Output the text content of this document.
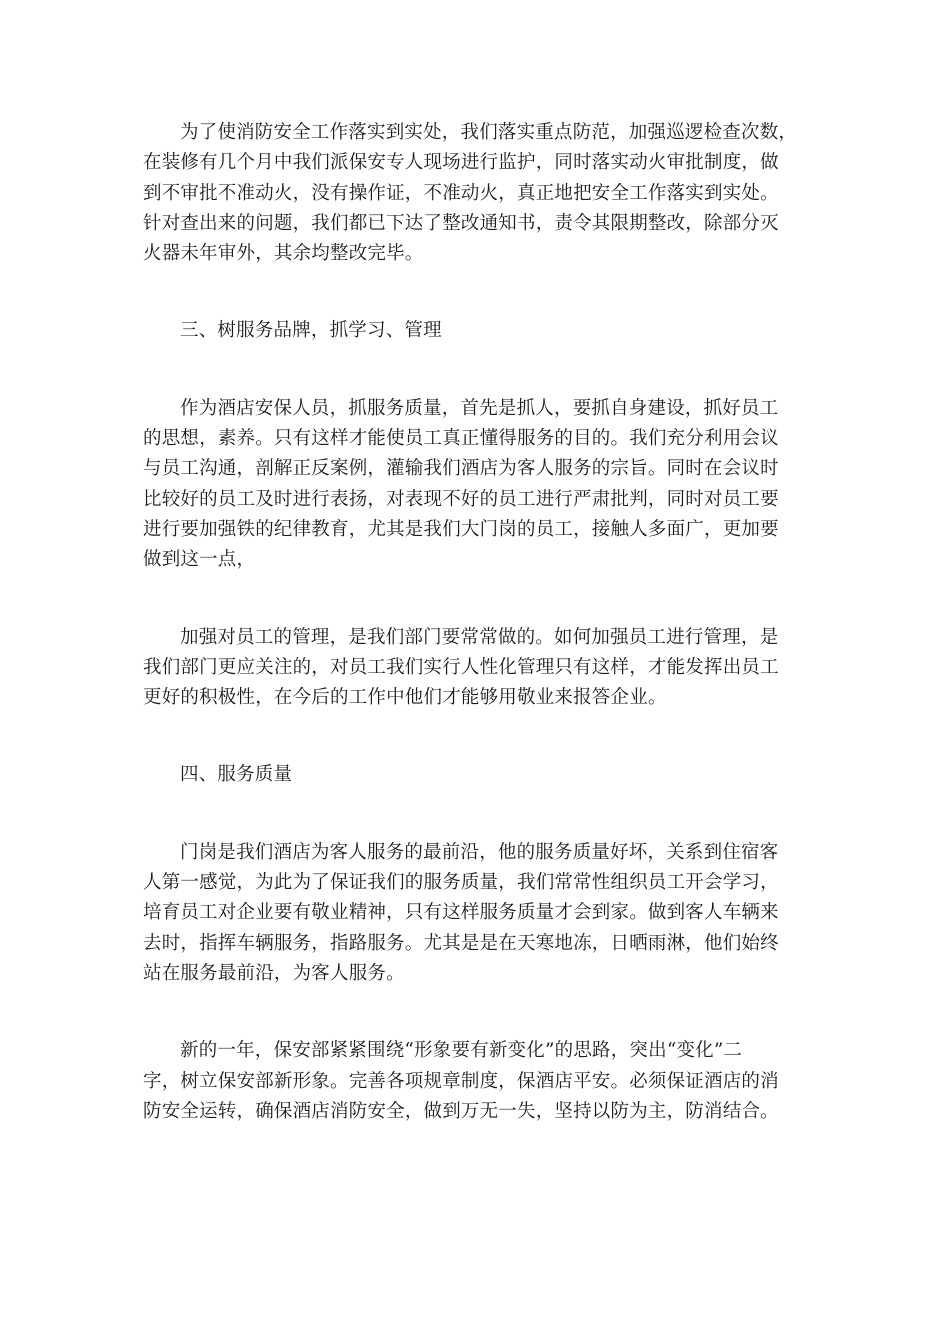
为了使消防安全工作落实到实处，我们落实重点防范，加强巡逻检查次数，
在装修有几个月中我们派保安专人现场进行监护，同时落实动火审批制度，做
到不审批不准动火，没有操作证，不准动火，真正地把安全工作落实到实处。
针对查出来的问题，我们都已下达了整改通知书，责令其限期整改，除部分灭
火器未年审外，其余均整改完毕。

三、树服务品牌，抓学习、管理

作为酒店安保人员，抓服务质量，首先是抓人，要抓自身建设，抓好员工
的思想，素养。只有这样才能使员工真正懂得服务的目的。我们充分利用会议
与员工沟通，剖解正反案例，灌输我们酒店为客人服务的宗旨。同时在会议时
比较好的员工及时进行表扬，对表现不好的员工进行严肃批判，同时对员工要
进行要加强铁的纪律教育，尤其是我们大门岗的员工，接触人多面广，更加要
做到这一点，

加强对员工的管理，是我们部门要常常做的。如何加强员工进行管理，是
我们部门更应关注的，对员工我们实行人性化管理只有这样，才能发挥出员工
更好的积极性，在今后的工作中他们才能够用敬业来报答企业。

四、服务质量

门岗是我们酒店为客人服务的最前沿，他的服务质量好坏，关系到住宿客
人第一感觉，为此为了保证我们的服务质量，我们常常性组织员工开会学习，
培育员工对企业要有敬业精神，只有这样服务质量才会到家。做到客人车辆来
去时，指挥车辆服务，指路服务。尤其是是在天寒地冻，日晒雨淋，他们始终
站在服务最前沿，为客人服务。

新的一年，保安部紧紧围绕“形象要有新变化”的思路，突出“变化”二
字，树立保安部新形象。完善各项规章制度，保酒店平安。必须保证酒店的消
防安全运转，确保酒店消防安全，做到万无一失，坚持以防为主，防消结合。
